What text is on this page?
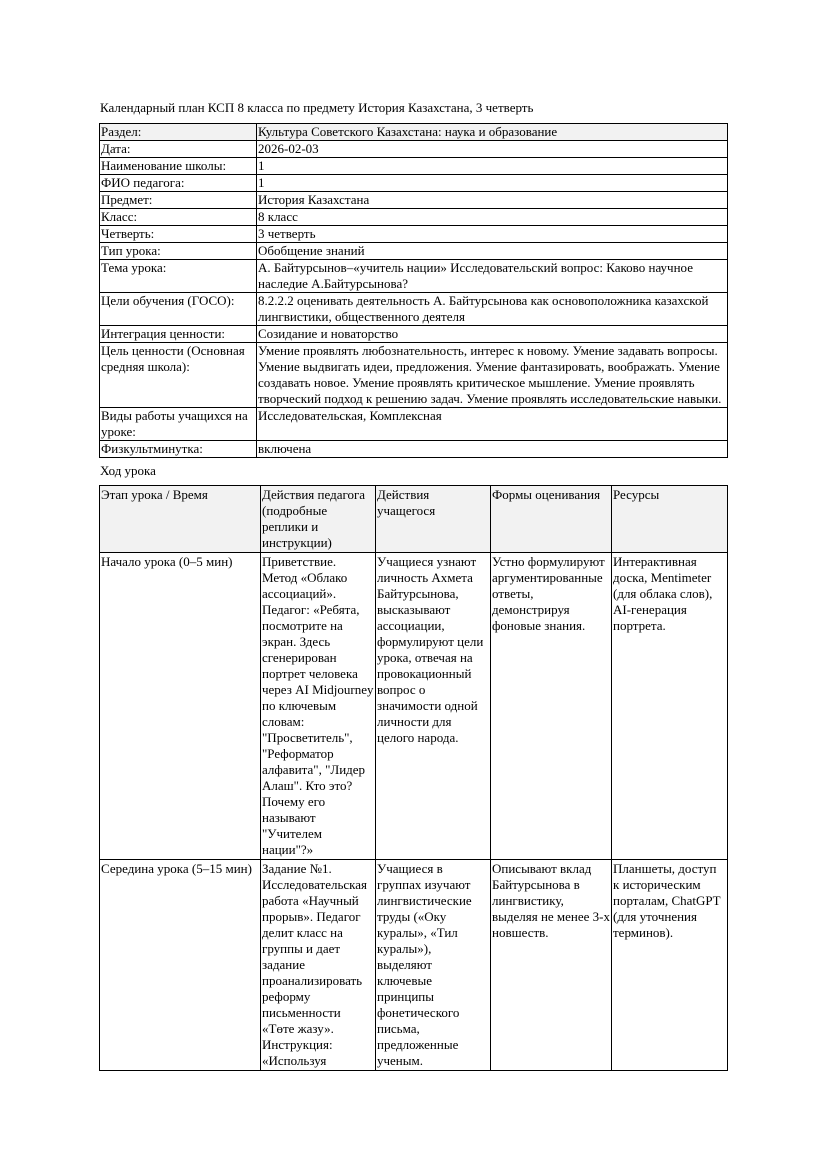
Календарный план КСП 8 класса по предмету История Казахстана, 3 четверть
Раздел:	Культура Советского Казахстана: наука и образование
Дата:	2026-02-03
Наименование школы:	1
ФИО педагога:	1
Предмет:	История Казахстана
Класс:	8 класс
Четверть:	3 четверть
Тип урока:	Обобщение знаний
Тема урока:	А. Байтурсынов–«учитель нации» Исследовательский вопрос: Каково научное наследие А.Байтурсынова?
Цели обучения (ГОСО):	8.2.2.2 оценивать деятельность А. Байтурсынова как основоположника казахской лингвистики, общественного деятеля
Интеграция ценности:	Созидание и новаторство
Цель ценности (Основная средняя школа):	Умение проявлять любознательность, интерес к новому. Умение задавать вопросы. Умение выдвигать идеи, предложения. Умение фантазировать, воображать. Умение создавать новое. Умение проявлять критическое мышление. Умение проявлять творческий подход к решению задач. Умение проявлять исследовательские навыки.
Виды работы учащихся на уроке:	Исследовательская, Комплексная
Физкультминутка:	включена
Ход урока
Этап урока / Время	Действия педагога (подробные реплики и инструкции)	Действия учащегося	Формы оценивания	Ресурсы
Начало урока (0–5 мин)	Приветствие. Метод «Облако ассоциаций». Педагог: «Ребята, посмотрите на экран. Здесь сгенерирован портрет человека через AI Midjourney по ключевым словам: "Просветитель", "Реформатор алфавита", "Лидер Алаш". Кто это? Почему его называют "Учителем нации"?»	Учащиеся узнают личность Ахмета Байтурсынова, высказывают ассоциации, формулируют цели урока, отвечая на провокационный вопрос о значимости одной личности для целого народа.	Устно формулируют аргументированные ответы, демонстрируя фоновые знания.	Интерактивная доска, Mentimeter (для облака слов), AI-генерация портрета.
Середина урока (5–15 мин)	Задание №1. Исследовательская работа «Научный прорыв». Педагог делит класс на группы и дает задание проанализировать реформу письменности «Төте жазу». Инструкция: «Используя	Учащиеся в группах изучают лингвистические труды («Оку куралы», «Тил куралы»), выделяют ключевые принципы фонетического письма, предложенные ученым.	Описывают вклад Байтурсынова в лингвистику, выделяя не менее 3-х новшеств.	Планшеты, доступ к историческим порталам, ChatGPT (для уточнения терминов).
